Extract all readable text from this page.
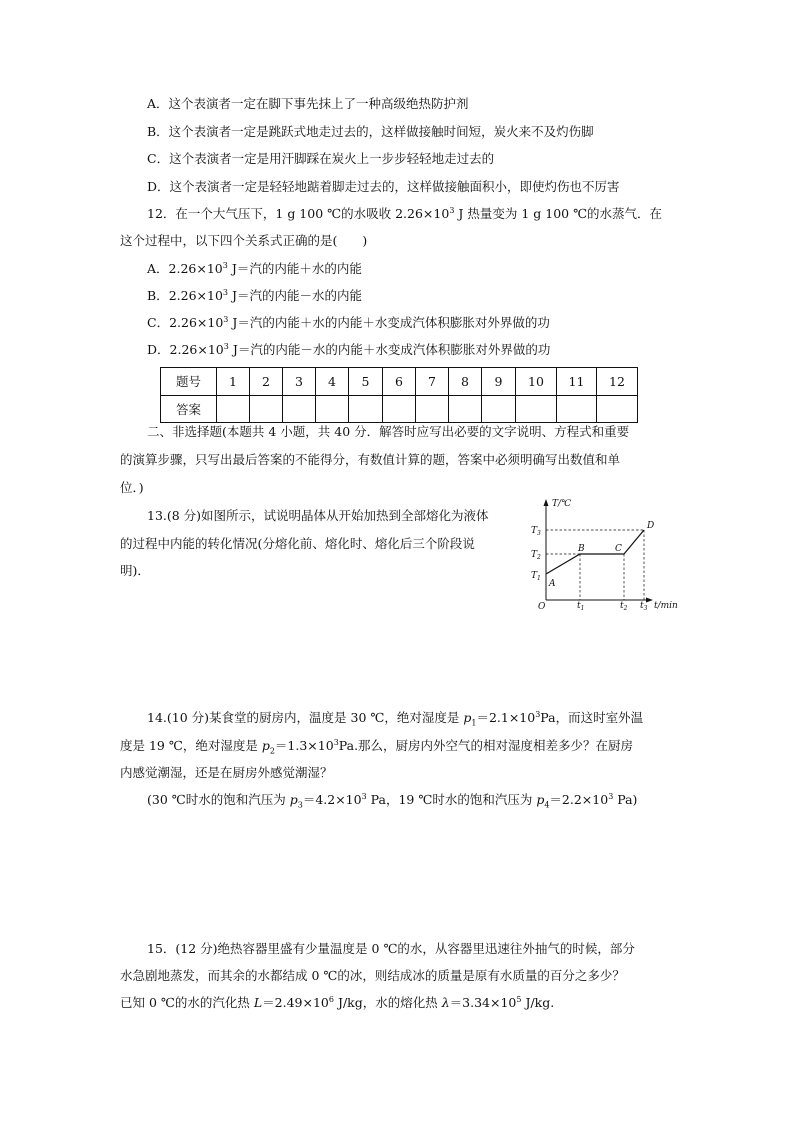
A．这个表演者一定在脚下事先抹上了一种高级绝热防护剂
B．这个表演者一定是跳跃式地走过去的，这样做接触时间短，炭火来不及灼伤脚
C．这个表演者一定是用汗脚踩在炭火上一步步轻轻地走过去的
D．这个表演者一定是轻轻地踮着脚走过去的，这样做接触面积小，即使灼伤也不厉害
12．在一个大气压下，1 g 100 ℃的水吸收 $2.26\times 10^3$ J 热量变为 1 g 100 ℃的水蒸气．在
这个过程中，以下四个关系式正确的是(　　)
A．$2.26\times 10^3$ J＝汽的内能＋水的内能
B．$2.26\times 10^3$ J＝汽的内能－水的内能
C．$2.26\times 10^3$ J＝汽的内能＋水的内能＋水变成汽体积膨胀对外界做的功
D．$2.26\times 10^3$ J＝汽的内能－水的内能＋水变成汽体积膨胀对外界做的功
题号	1	2	3	4	5	6	7	8	9	10	11	12
答案												
二、非选择题(本题共 4 小题，共 40 分．解答时应写出必要的文字说明、方程式和重要
的演算步骤，只写出最后答案的不能得分，有数值计算的题，答案中必须明确写出数值和单
位．)
13.(8 分)如图所示，试说明晶体从开始加热到全部熔化为液体
的过程中内能的转化情况(分熔化前、熔化时、熔化后三个阶段说
明)．
T/℃
O
$T_3$
$T_2$
$T_1$
A
B	C
D
$t_1$	$t_2$ $t_3$ t/min
14.(10 分)某食堂的厨房内，温度是 30 ℃，绝对湿度是 $p_1=2.1\times 10^3Pa$，而这时室外温
度是 19 ℃，绝对湿度是 $p_2=1.3\times 10^3Pa$.那么，厨房内外空气的相对湿度相差多少？在厨房
内感觉潮湿，还是在厨房外感觉潮湿？
(30 ℃时水的饱和汽压为 $p_3=4.2\times 10^3$ Pa，19 ℃时水的饱和汽压为 $p_4=2.2\times 10^3$ Pa)
15．(12 分)绝热容器里盛有少量温度是 0 ℃的水，从容器里迅速往外抽气的时候，部分
水急剧地蒸发，而其余的水都结成 0 ℃的冰，则结成冰的质量是原有水质量的百分之多少？
已知 0 ℃的水的汽化热 $L=2.49\times 10^6$ J/kg，水的熔化热 $\lambda=3.34\times 10^5$ J/kg.
